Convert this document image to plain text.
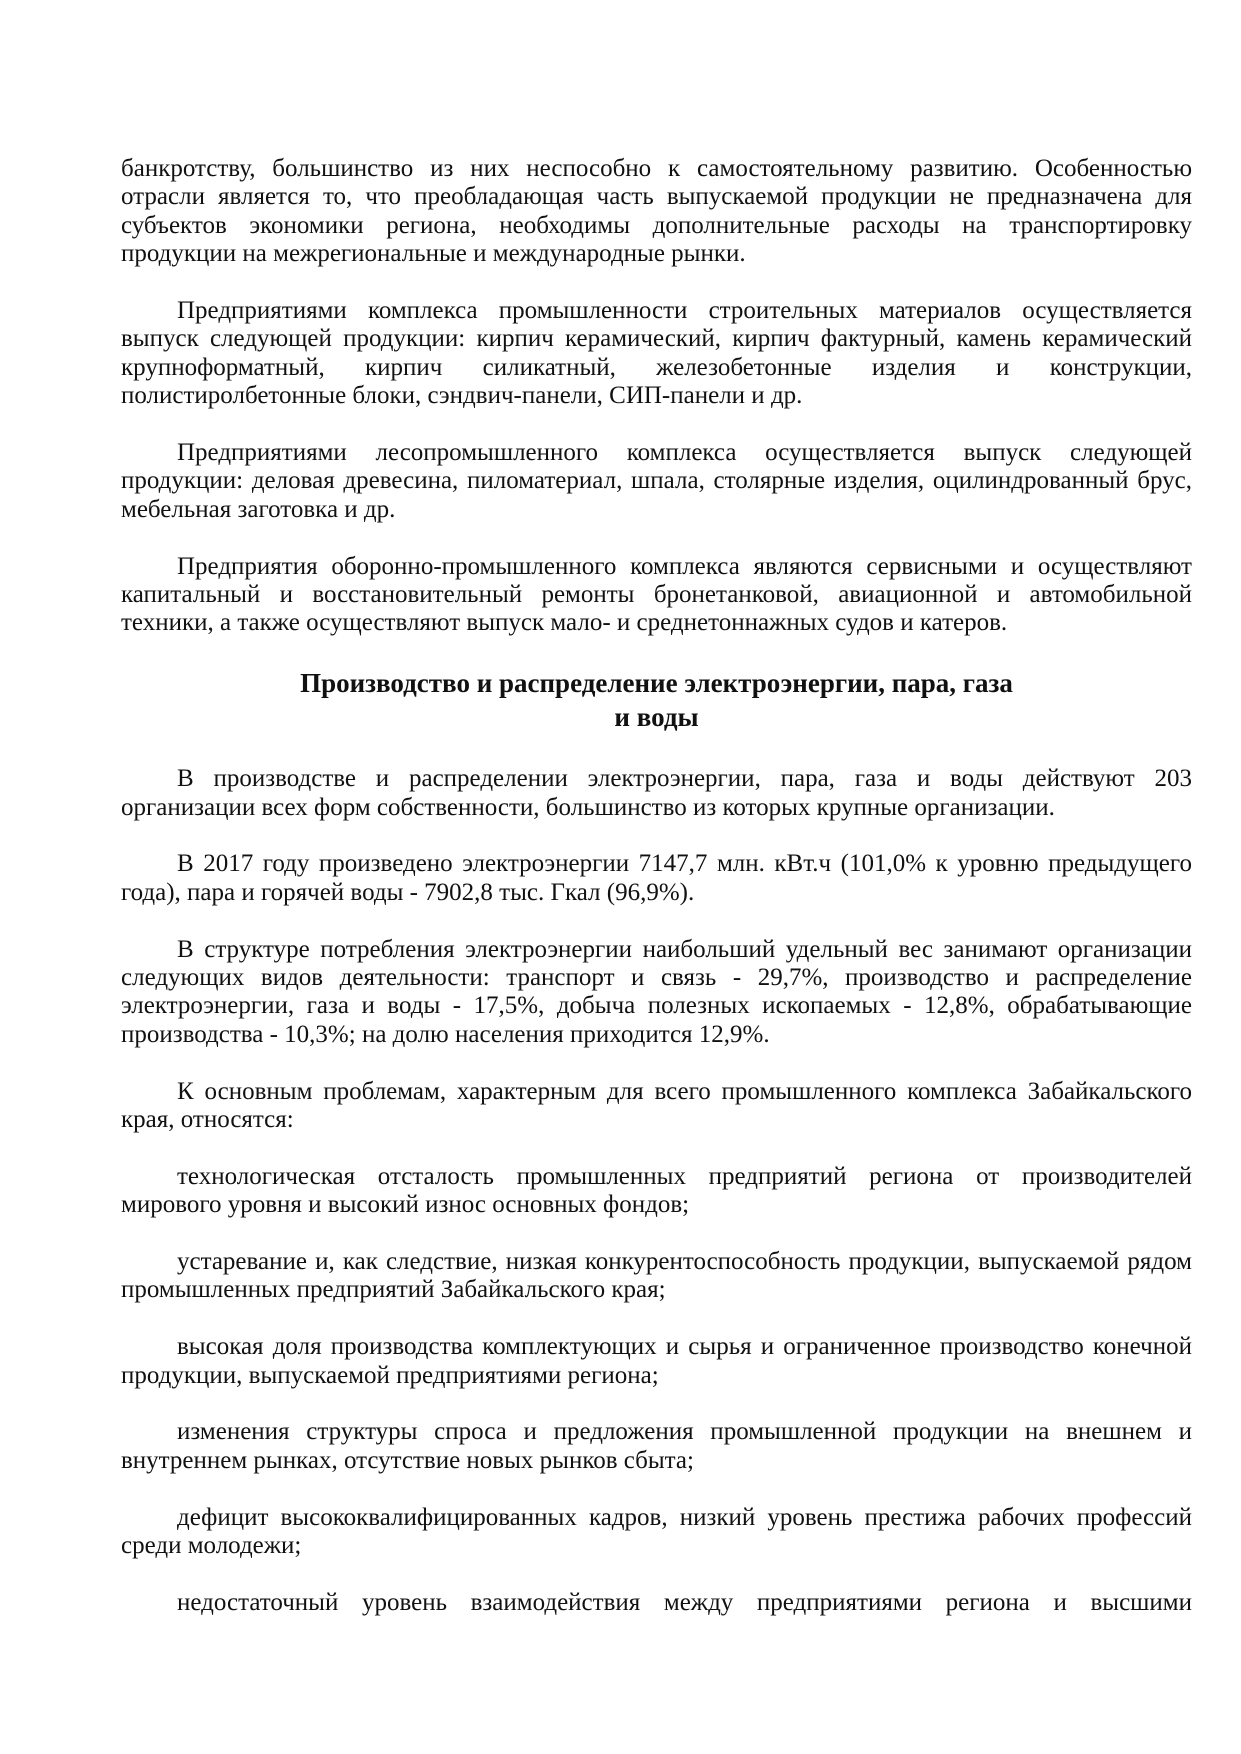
банкротству, большинство из них неспособно к самостоятельному развитию. Особенностью отрасли является то, что преобладающая часть выпускаемой продукции не предназначена для субъектов экономики региона, необходимы дополнительные расходы на транспортировку продукции на межрегиональные и международные рынки.

Предприятиями комплекса промышленности строительных материалов осуществляется выпуск следующей продукции: кирпич керамический, кирпич фактурный, камень керамический крупноформатный, кирпич силикатный, железобетонные изделия и конструкции, полистиролбетонные блоки, сэндвич-панели, СИП-панели и др.

Предприятиями лесопромышленного комплекса осуществляется выпуск следующей продукции: деловая древесина, пиломатериал, шпала, столярные изделия, оцилиндрованный брус, мебельная заготовка и др.

Предприятия оборонно-промышленного комплекса являются сервисными и осуществляют капитальный и восстановительный ремонты бронетанковой, авиационной и автомобильной техники, а также осуществляют выпуск мало- и среднетоннажных судов и катеров.

Производство и распределение электроэнергии, пара, газа
и воды

В производстве и распределении электроэнергии, пара, газа и воды действуют 203 организации всех форм собственности, большинство из которых крупные организации.

В 2017 году произведено электроэнергии 7147,7 млн. кВт.ч (101,0% к уровню предыдущего года), пара и горячей воды - 7902,8 тыс. Гкал (96,9%).

В структуре потребления электроэнергии наибольший удельный вес занимают организации следующих видов деятельности: транспорт и связь - 29,7%, производство и распределение электроэнергии, газа и воды - 17,5%, добыча полезных ископаемых - 12,8%, обрабатывающие производства - 10,3%; на долю населения приходится 12,9%.

К основным проблемам, характерным для всего промышленного комплекса Забайкальского края, относятся:

технологическая отсталость промышленных предприятий региона от производителей мирового уровня и высокий износ основных фондов;

устаревание и, как следствие, низкая конкурентоспособность продукции, выпускаемой рядом промышленных предприятий Забайкальского края;

высокая доля производства комплектующих и сырья и ограниченное производство конечной продукции, выпускаемой предприятиями региона;

изменения структуры спроса и предложения промышленной продукции на внешнем и внутреннем рынках, отсутствие новых рынков сбыта;

дефицит высококвалифицированных кадров, низкий уровень престижа рабочих профессий среди молодежи;

недостаточный уровень взаимодействия между предприятиями региона и высшими
